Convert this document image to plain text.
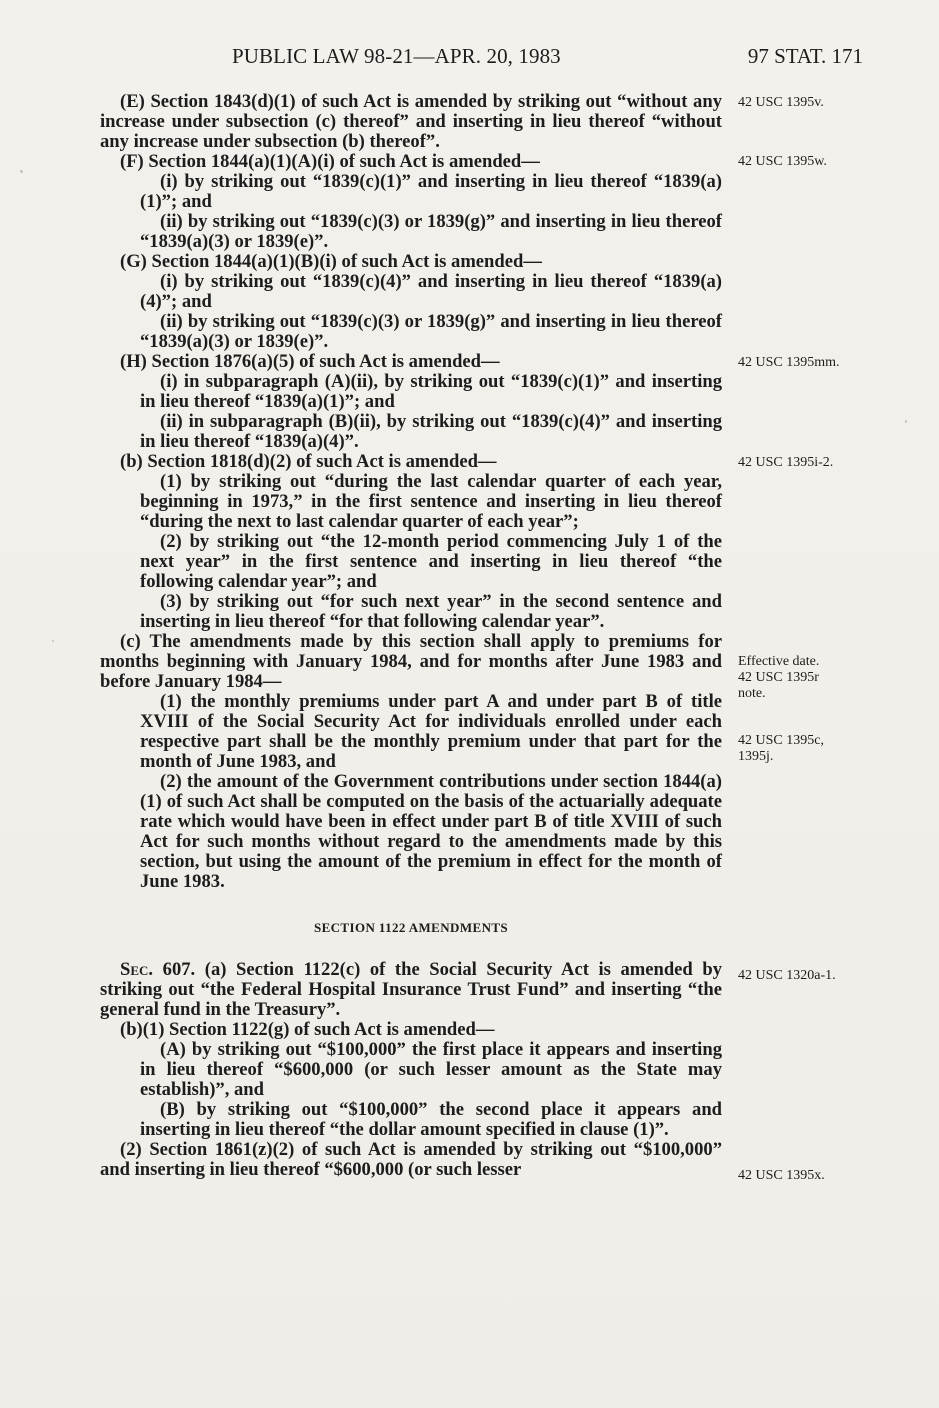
PUBLIC LAW 98-21—APR. 20, 1983	97 STAT. 171

(E) Section 1843(d)(1) of such Act is amended by striking out “without any increase under subsection (c) thereof” and inserting in lieu thereof “without any increase under subsection (b) thereof”.

(F) Section 1844(a)(1)(A)(i) of such Act is amended—

(i) by striking out “1839(c)(1)” and inserting in lieu thereof “1839(a)(1)”; and

(ii) by striking out “1839(c)(3) or 1839(g)” and inserting in lieu thereof “1839(a)(3) or 1839(e)”.

(G) Section 1844(a)(1)(B)(i) of such Act is amended—

(i) by striking out “1839(c)(4)” and inserting in lieu thereof “1839(a)(4)”; and

(ii) by striking out “1839(c)(3) or 1839(g)” and inserting in lieu thereof “1839(a)(3) or 1839(e)”.

(H) Section 1876(a)(5) of such Act is amended—

(i) in subparagraph (A)(ii), by striking out “1839(c)(1)” and inserting in lieu thereof “1839(a)(1)”; and

(ii) in subparagraph (B)(ii), by striking out “1839(c)(4)” and inserting in lieu thereof “1839(a)(4)”.

(b) Section 1818(d)(2) of such Act is amended—

(1) by striking out “during the last calendar quarter of each year, beginning in 1973,” in the first sentence and inserting in lieu thereof “during the next to last calendar quarter of each year”;

(2) by striking out “the 12-month period commencing July 1 of the next year” in the first sentence and inserting in lieu thereof “the following calendar year”; and

(3) by striking out “for such next year” in the second sentence and inserting in lieu thereof “for that following calendar year”.

(c) The amendments made by this section shall apply to premiums for months beginning with January 1984, and for months after June 1983 and before January 1984—

(1) the monthly premiums under part A and under part B of title XVIII of the Social Security Act for individuals enrolled under each respective part shall be the monthly premium under that part for the month of June 1983, and

(2) the amount of the Government contributions under section 1844(a)(1) of such Act shall be computed on the basis of the actuarially adequate rate which would have been in effect under part B of title XVIII of such Act for such months without regard to the amendments made by this section, but using the amount of the premium in effect for the month of June 1983.

SECTION 1122 AMENDMENTS

Sec. 607. (a) Section 1122(c) of the Social Security Act is amended by striking out “the Federal Hospital Insurance Trust Fund” and inserting “the general fund in the Treasury”.

(b)(1) Section 1122(g) of such Act is amended—

(A) by striking out “$100,000” the first place it appears and inserting in lieu thereof “$600,000 (or such lesser amount as the State may establish)”, and

(B) by striking out “$100,000” the second place it appears and inserting in lieu thereof “the dollar amount specified in clause (1)”.

(2) Section 1861(z)(2) of such Act is amended by striking out “$100,000” and inserting in lieu thereof “$600,000 (or such lesser

42 USC 1395v.
42 USC 1395w.
42 USC 1395mm.
42 USC 1395i-2.
Effective date.
42 USC 1395r
note.
42 USC 1395c,
1395j.
42 USC 1320a-1.
42 USC 1395x.
